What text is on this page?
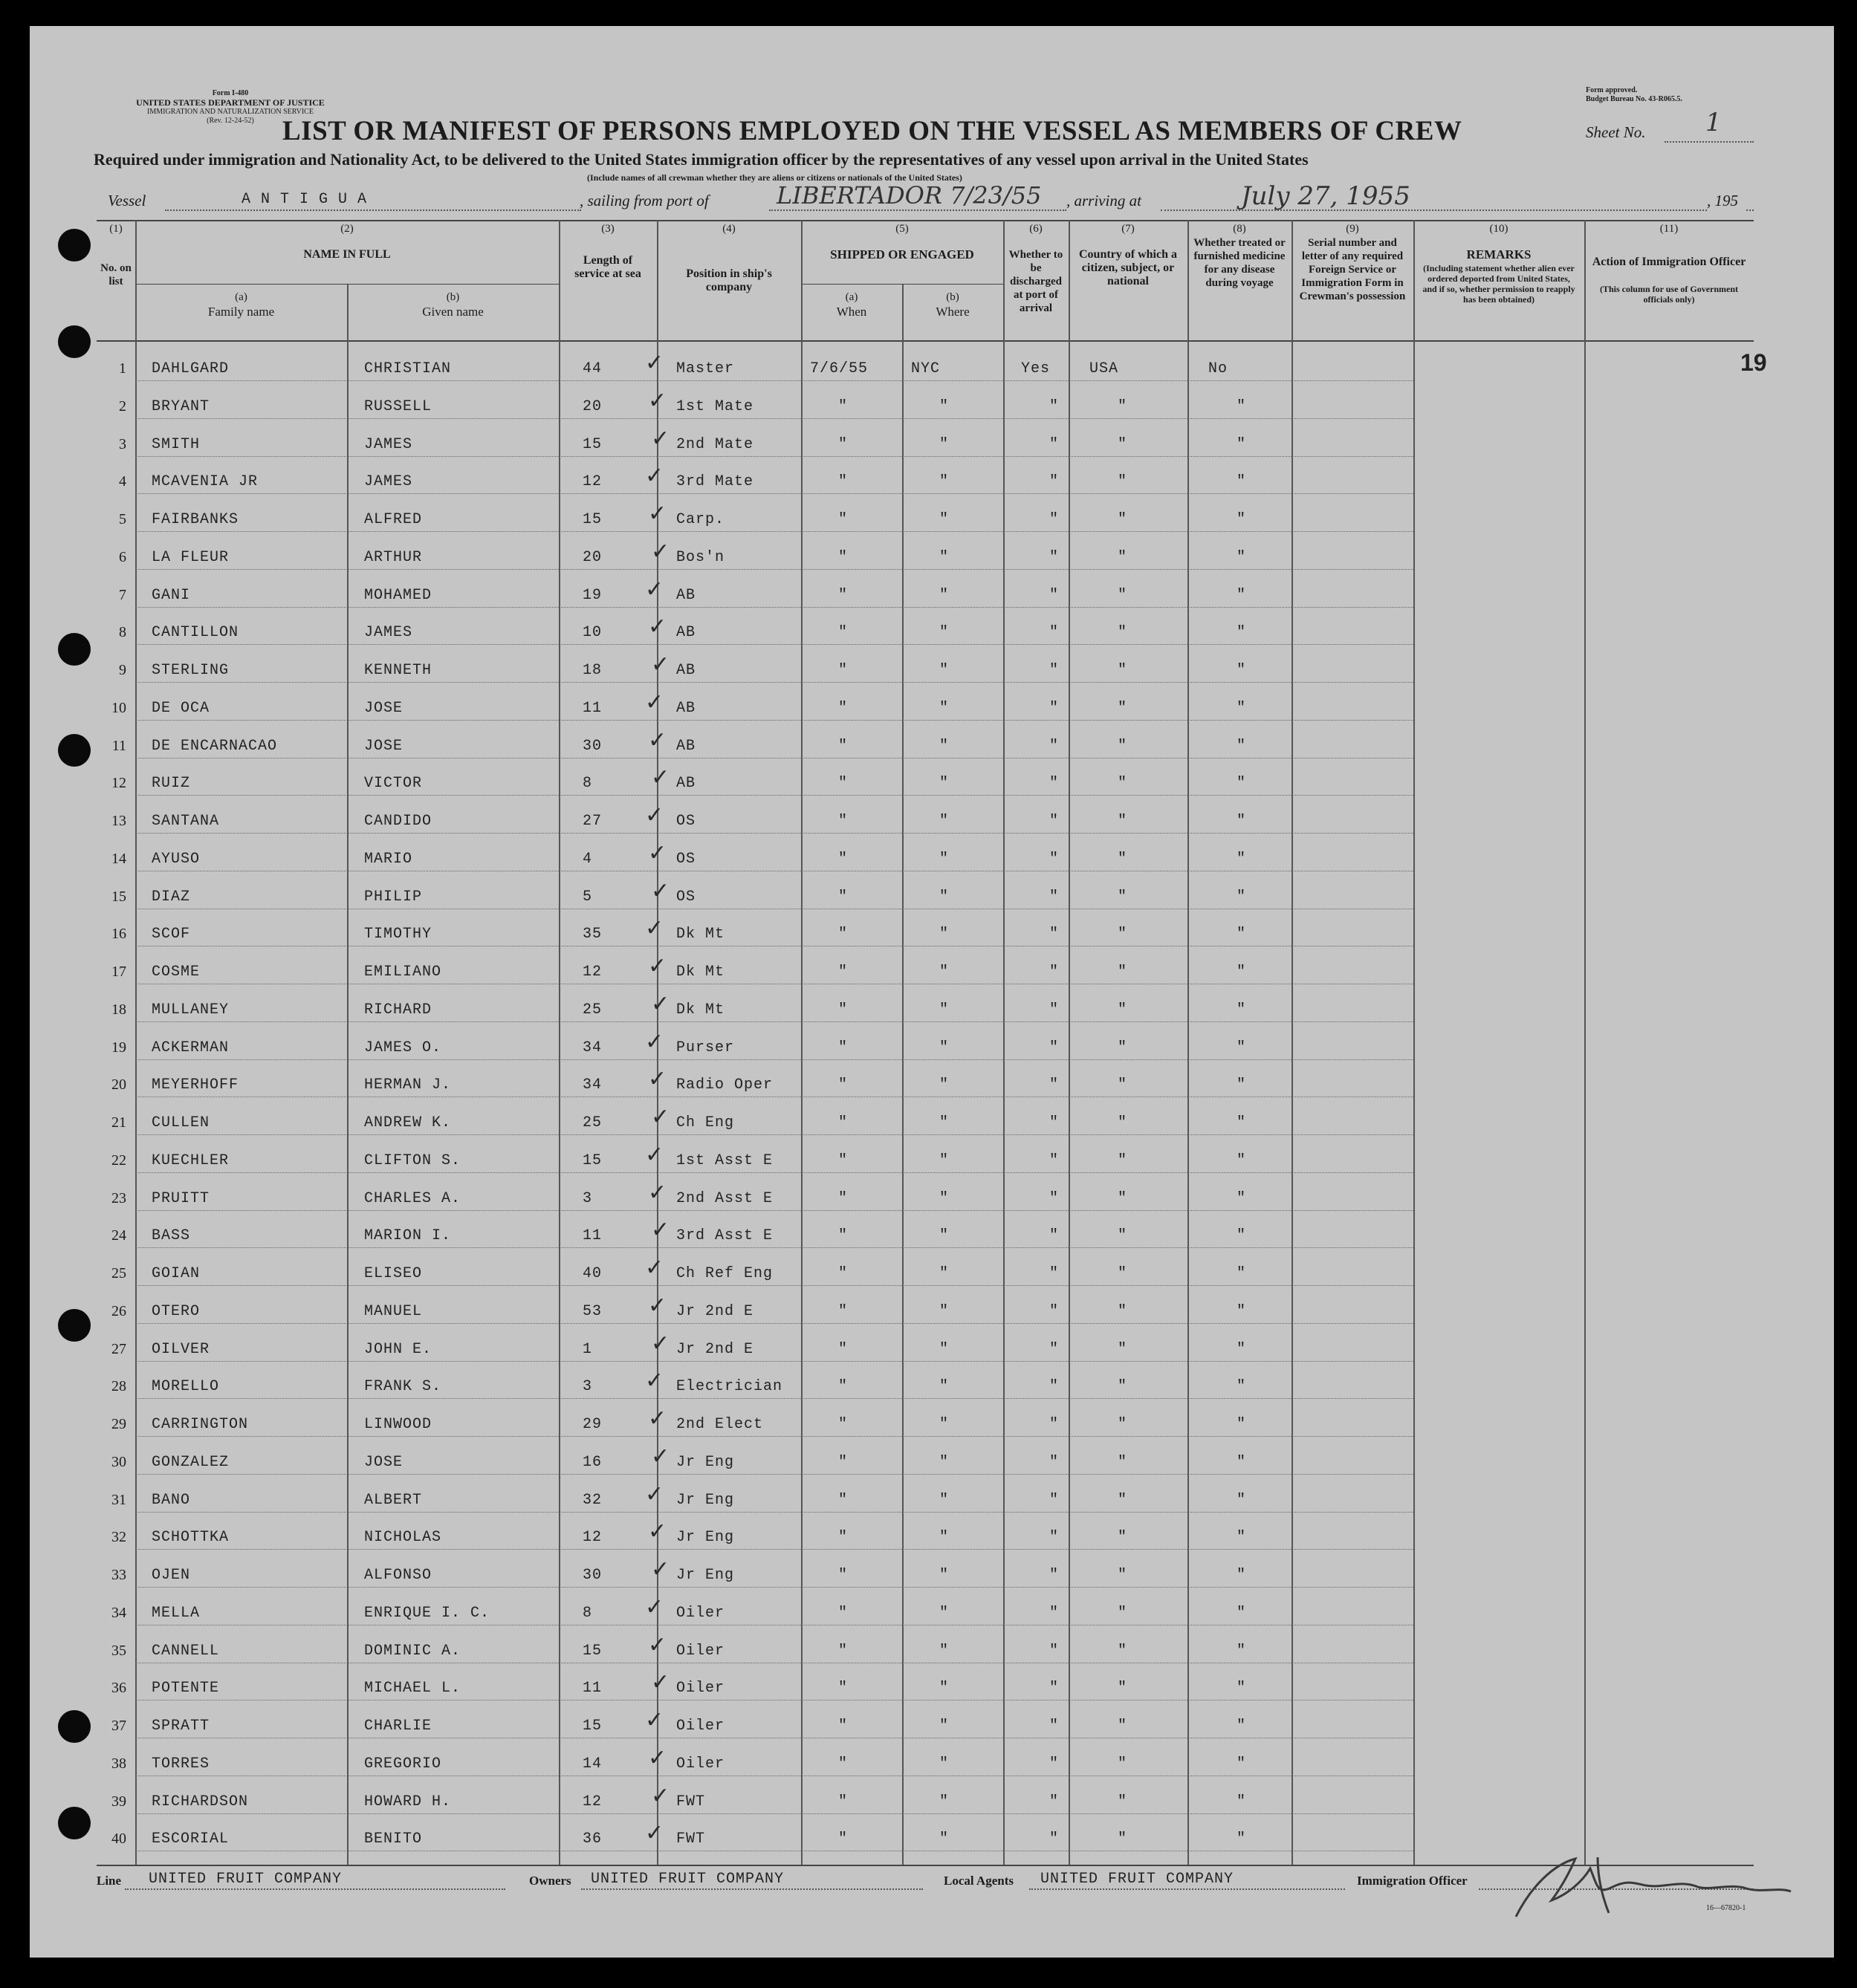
Form I-480
UNITED STATES DEPARTMENT OF JUSTICE
IMMIGRATION AND NATURALIZATION SERVICE
(Rev. 12-24-52)
Form approved.
Budget Bureau No. 43-R065.5.
LIST OR MANIFEST OF PERSONS EMPLOYED ON THE VESSEL AS MEMBERS OF CREW	Sheet No. 1
Required under immigration and Nationality Act, to be delivered to the United States immigration officer by the representatives of any vessel upon arrival in the United States
(Include names of all crewman whether they are aliens or citizens or nationals of the United States)
Vessel	A N T I G U A	, sailing from port of	LIBERTADOR 7/23/55 , arriving at	July 27, 1955	, 195
(1)
No. on list
(2)
NAME IN FULL
(a)
Family name
(b)
Given name
(3)
Length of service at sea
(4)
Position in ship's company
(5)
SHIPPED OR ENGAGED
(a)
When
(b)
Where
(6)
Whether to be discharged at port of arrival
(7)
Country of which a citizen, subject, or national
(8)
Whether treated or furnished medicine for any disease during voyage
(9)
Serial number and letter of any required Foreign Service or Immigration Form in Crewman's possession
(10)
REMARKS
(Including statement whether alien ever ordered deported from United States, and if so, whether permission to reapply has been obtained)
(11)
Action of Immigration Officer
(This column for use of Government officials only)
19
1 DAHLGARD	CHRISTIAN	44	Master	7/6/55	NYC	Yes	USA	No
✓
2 BRYANT	RUSSELL	20	1st Mate	"	"	"	"	"
✓
3 SMITH	JAMES	15	2nd Mate	"	"	"	"	"
✓
4 MCAVENIA JR	JAMES	12	3rd Mate	"	"	"	"	"
✓
5 FAIRBANKS	ALFRED	15	Carp.	"	"	"	"	"
✓
6 LA FLEUR	ARTHUR	20	Bos'n	"	"	"	"	"
✓
7 GANI	MOHAMED	19	AB	"	"	"	"	"
✓
8 CANTILLON	JAMES	10	AB	"	"	"	"	"
✓
9 STERLING	KENNETH	18	AB	"	"	"	"	"
✓
10 DE OCA	JOSE	11	AB	"	"	"	"	"
✓
11 DE ENCARNACAO	JOSE	30	AB	"	"	"	"	"
✓
12 RUIZ	VICTOR	8	AB	"	"	"	"	"
✓
13 SANTANA	CANDIDO	27	OS	"	"	"	"	"
✓
14 AYUSO	MARIO	4	OS	"	"	"	"	"
✓
15 DIAZ	PHILIP	5	OS	"	"	"	"	"
✓
16 SCOF	TIMOTHY	35	Dk Mt	"	"	"	"	"
✓
17 COSME	EMILIANO	12	Dk Mt	"	"	"	"	"
✓
18 MULLANEY	RICHARD	25	Dk Mt	"	"	"	"	"
✓
19 ACKERMAN	JAMES O.	34	Purser	"	"	"	"	"
✓
20 MEYERHOFF	HERMAN J.	34	Radio Oper	"	"	"	"	"
✓
21 CULLEN	ANDREW K.	25	Ch Eng	"	"	"	"	"
✓
22 KUECHLER	CLIFTON S.	15	1st Asst E	"	"	"	"	"
✓
23 PRUITT	CHARLES A.	3	2nd Asst E	"	"	"	"	"
✓
24 BASS	MARION I.	11	3rd Asst E	"	"	"	"	"
✓
25 GOIAN	ELISEO	40	Ch Ref Eng	"	"	"	"	"
✓
26 OTERO	MANUEL	53	Jr 2nd E	"	"	"	"	"
✓
27 OILVER	JOHN E.	1	Jr 2nd E	"	"	"	"	"
✓
28 MORELLO	FRANK S.	3	Electrician	"	"	"	"	"
✓
29 CARRINGTON	LINWOOD	29	2nd Elect	"	"	"	"	"
✓
30 GONZALEZ	JOSE	16	Jr Eng	"	"	"	"	"
✓
31 BANO	ALBERT	32	Jr Eng	"	"	"	"	"
✓
32 SCHOTTKA	NICHOLAS	12	Jr Eng	"	"	"	"	"
✓
33 OJEN	ALFONSO	30	Jr Eng	"	"	"	"	"
✓
34 MELLA	ENRIQUE I. C.	8	Oiler	"	"	"	"	"
✓
35 CANNELL	DOMINIC A.	15	Oiler	"	"	"	"	"
✓
36 POTENTE	MICHAEL L.	11	Oiler	"	"	"	"	"
✓
37 SPRATT	CHARLIE	15	Oiler	"	"	"	"	"
✓
38 TORRES	GREGORIO	14	Oiler	"	"	"	"	"
✓
39 RICHARDSON	HOWARD H.	12	FWT	"	"	"	"	"
✓
40 ESCORIAL	BENITO	36	FWT	"	"	"	"	"
✓
Line UNITED FRUIT COMPANY	Owners UNITED FRUIT COMPANY	Local Agents UNITED FRUIT COMPANY	Immigration Officer
16—67820-1
